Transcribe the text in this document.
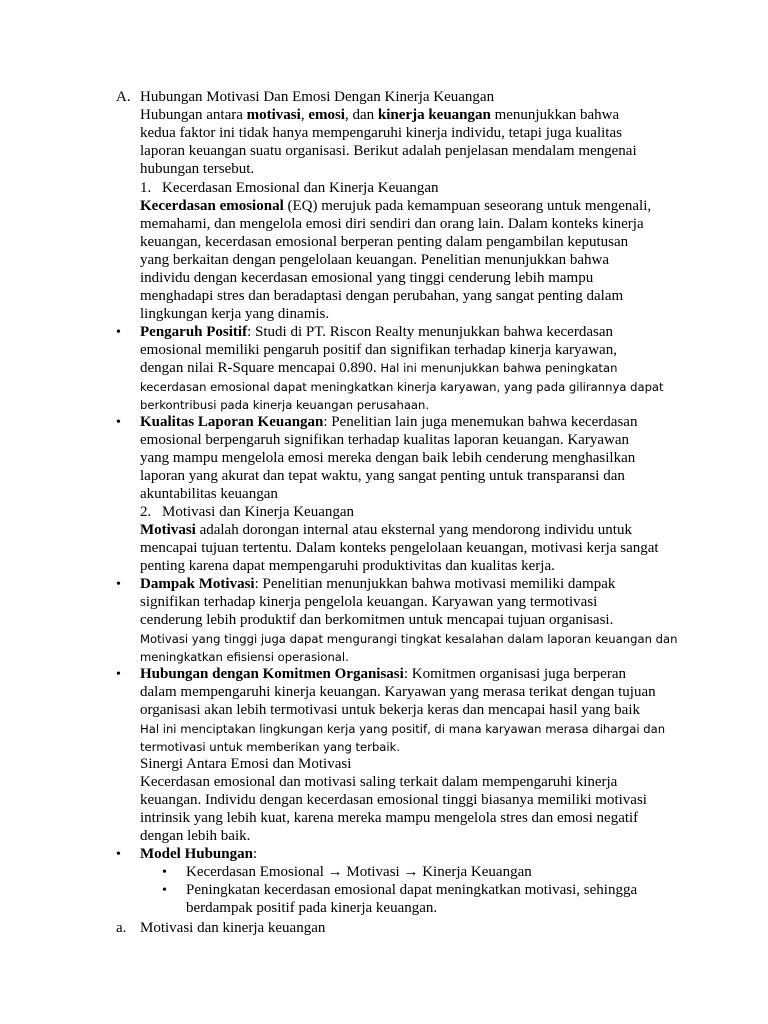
A. Hubungan Motivasi Dan Emosi Dengan Kinerja Keuangan
Hubungan antara motivasi, emosi, dan kinerja keuangan menunjukkan bahwa
kedua faktor ini tidak hanya mempengaruhi kinerja individu, tetapi juga kualitas
laporan keuangan suatu organisasi. Berikut adalah penjelasan mendalam mengenai
hubungan tersebut.
1. Kecerdasan Emosional dan Kinerja Keuangan
Kecerdasan emosional (EQ) merujuk pada kemampuan seseorang untuk mengenali,
memahami, dan mengelola emosi diri sendiri dan orang lain. Dalam konteks kinerja
keuangan, kecerdasan emosional berperan penting dalam pengambilan keputusan
yang berkaitan dengan pengelolaan keuangan. Penelitian menunjukkan bahwa
individu dengan kecerdasan emosional yang tinggi cenderung lebih mampu
menghadapi stres dan beradaptasi dengan perubahan, yang sangat penting dalam
lingkungan kerja yang dinamis.
• Pengaruh Positif: Studi di PT. Riscon Realty menunjukkan bahwa kecerdasan
emosional memiliki pengaruh positif dan signifikan terhadap kinerja karyawan,
dengan nilai R-Square mencapai 0.890. Hal ini menunjukkan bahwa peningkatan
kecerdasan emosional dapat meningkatkan kinerja karyawan, yang pada gilirannya dapat
berkontribusi pada kinerja keuangan perusahaan.
• Kualitas Laporan Keuangan: Penelitian lain juga menemukan bahwa kecerdasan
emosional berpengaruh signifikan terhadap kualitas laporan keuangan. Karyawan
yang mampu mengelola emosi mereka dengan baik lebih cenderung menghasilkan
laporan yang akurat dan tepat waktu, yang sangat penting untuk transparansi dan
akuntabilitas keuangan
2. Motivasi dan Kinerja Keuangan
Motivasi adalah dorongan internal atau eksternal yang mendorong individu untuk
mencapai tujuan tertentu. Dalam konteks pengelolaan keuangan, motivasi kerja sangat
penting karena dapat mempengaruhi produktivitas dan kualitas kerja.
• Dampak Motivasi: Penelitian menunjukkan bahwa motivasi memiliki dampak
signifikan terhadap kinerja pengelola keuangan. Karyawan yang termotivasi
cenderung lebih produktif dan berkomitmen untuk mencapai tujuan organisasi.
Motivasi yang tinggi juga dapat mengurangi tingkat kesalahan dalam laporan keuangan dan
meningkatkan efisiensi operasional.
• Hubungan dengan Komitmen Organisasi: Komitmen organisasi juga berperan
dalam mempengaruhi kinerja keuangan. Karyawan yang merasa terikat dengan tujuan
organisasi akan lebih termotivasi untuk bekerja keras dan mencapai hasil yang baik
Hal ini menciptakan lingkungan kerja yang positif, di mana karyawan merasa dihargai dan
termotivasi untuk memberikan yang terbaik.
Sinergi Antara Emosi dan Motivasi
Kecerdasan emosional dan motivasi saling terkait dalam mempengaruhi kinerja
keuangan. Individu dengan kecerdasan emosional tinggi biasanya memiliki motivasi
intrinsik yang lebih kuat, karena mereka mampu mengelola stres dan emosi negatif
dengan lebih baik.
• Model Hubungan:
• Kecerdasan Emosional → Motivasi → Kinerja Keuangan
• Peningkatan kecerdasan emosional dapat meningkatkan motivasi, sehingga
berdampak positif pada kinerja keuangan.
a. Motivasi dan kinerja keuangan
